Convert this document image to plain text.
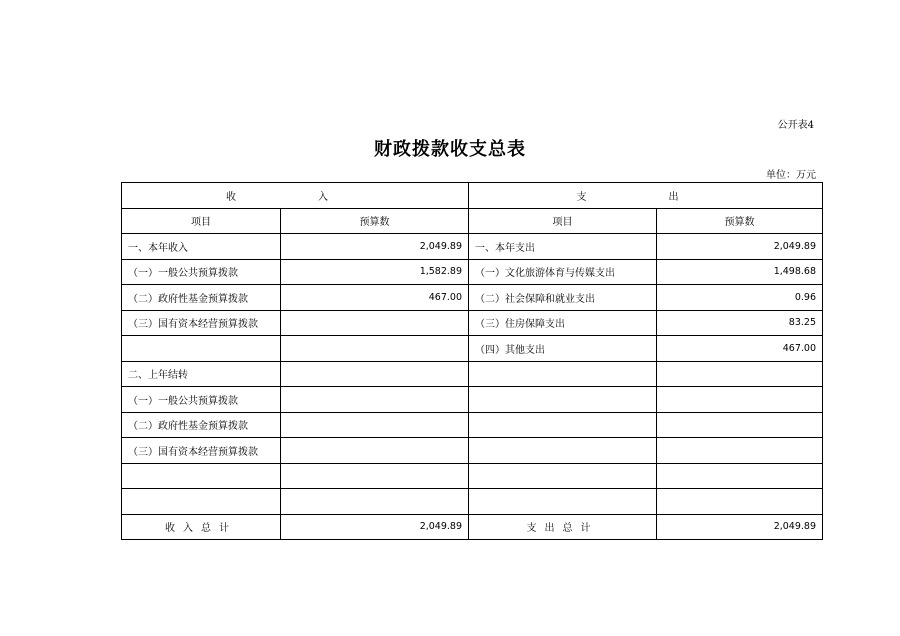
公开表4
财政拨款收支总表
单位：万元
收　入		支　出	
项目	预算数	项目	预算数
一、本年收入	2,049.89	一、本年支出	2,049.89
（一）一般公共预算拨款	1,582.89	（一）文化旅游体育与传媒支出	1,498.68
（二）政府性基金预算拨款	467.00	（二）社会保障和就业支出	0.96
（三）国有资本经营预算拨款		（三）住房保障支出	83.25
		（四）其他支出	467.00
二、上年结转			
（一）一般公共预算拨款			
（二）政府性基金预算拨款			
（三）国有资本经营预算拨款			

收入总计	2,049.89	支出总计	2,049.89
